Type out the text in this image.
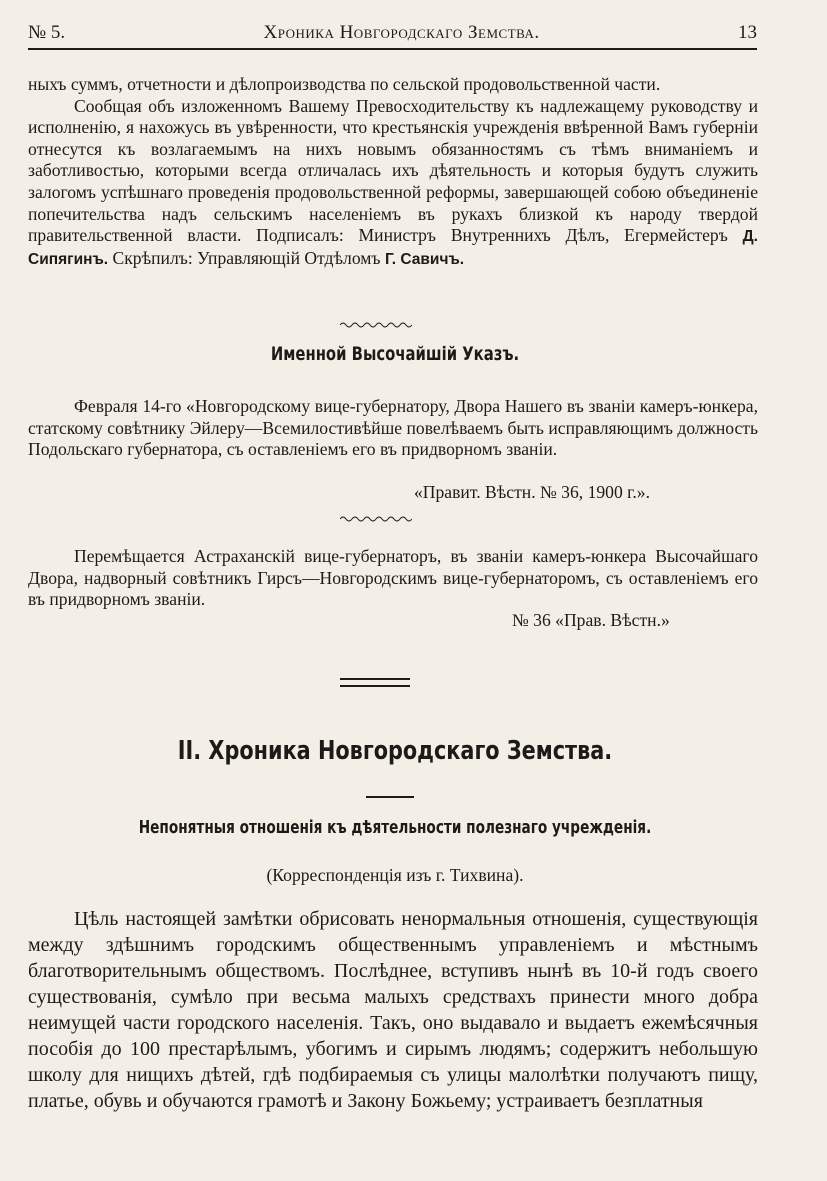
№ 5.	Хроника Новгородскаго Земства.	13

ныхъ суммъ, отчетности и дѣлопроизводства по сельской продовольственной части.

Сообщая объ изложенномъ Вашему Превосходительству къ надлежащему руководству и исполненію, я нахожусь въ увѣренности, что крестьянскія учрежденія ввѣренной Вамъ губерніи отнесутся къ возлагаемымъ на нихъ новымъ обязанностямъ съ тѣмъ вниманіемъ и заботливостью, которыми всегда отличалась ихъ дѣятельность и которыя будутъ служить залогомъ успѣшнаго проведенія продовольственной реформы, завершающей собою объединеніе попечительства надъ сельскимъ населеніемъ въ рукахъ близкой къ народу твердой правительственной власти. Подписалъ: Министръ Внутреннихъ Дѣлъ, Егермейстеръ Д. Сипягинъ. Скрѣпилъ: Управляющій Отдѣломъ Г. Савичъ.

Именной Высочайшій Указъ.

Февраля 14-го «Новгородскому вице-губернатору, Двора Нашего въ званіи камеръ-юнкера, статскому совѣтнику Эйлеру—Всемилостивѣйше повелѣваемъ быть исправляющимъ должность Подольскаго губернатора, съ оставленіемъ его въ придворномъ званіи.

«Правит. Вѣстн. № 36, 1900 г.».

Перемѣщается Астраханскій вице-губернаторъ, въ званіи камеръ-юнкера Высочайшаго Двора, надворный совѣтникъ Гирсъ—Новгородскимъ вице-губернаторомъ, съ оставленіемъ его въ придворномъ званіи.

№ 36 «Прав. Вѣстн.»
II. Хроника Новгородскаго Земства.
Непонятныя отношенія къ дѣятельности полезнаго учрежденія.
(Корреспонденція изъ г. Тихвина).

Цѣль настоящей замѣтки обрисовать ненормальныя отношенія, существующія между здѣшнимъ городскимъ общественнымъ управленіемъ и мѣстнымъ благотворительнымъ обществомъ. Послѣднее, вступивъ нынѣ въ 10-й годъ своего существованія, сумѣло при весьма малыхъ средствахъ принести много добра неимущей части городского населенія. Такъ, оно выдавало и выдаетъ ежемѣсячныя пособія до 100 престарѣлымъ, убогимъ и сирымъ людямъ; содержитъ небольшую школу для нищихъ дѣтей, гдѣ подбираемыя съ улицы малолѣтки получаютъ пищу, платье, обувь и обучаются грамотѣ и Закону Божьему; устраиваетъ безплатныя
